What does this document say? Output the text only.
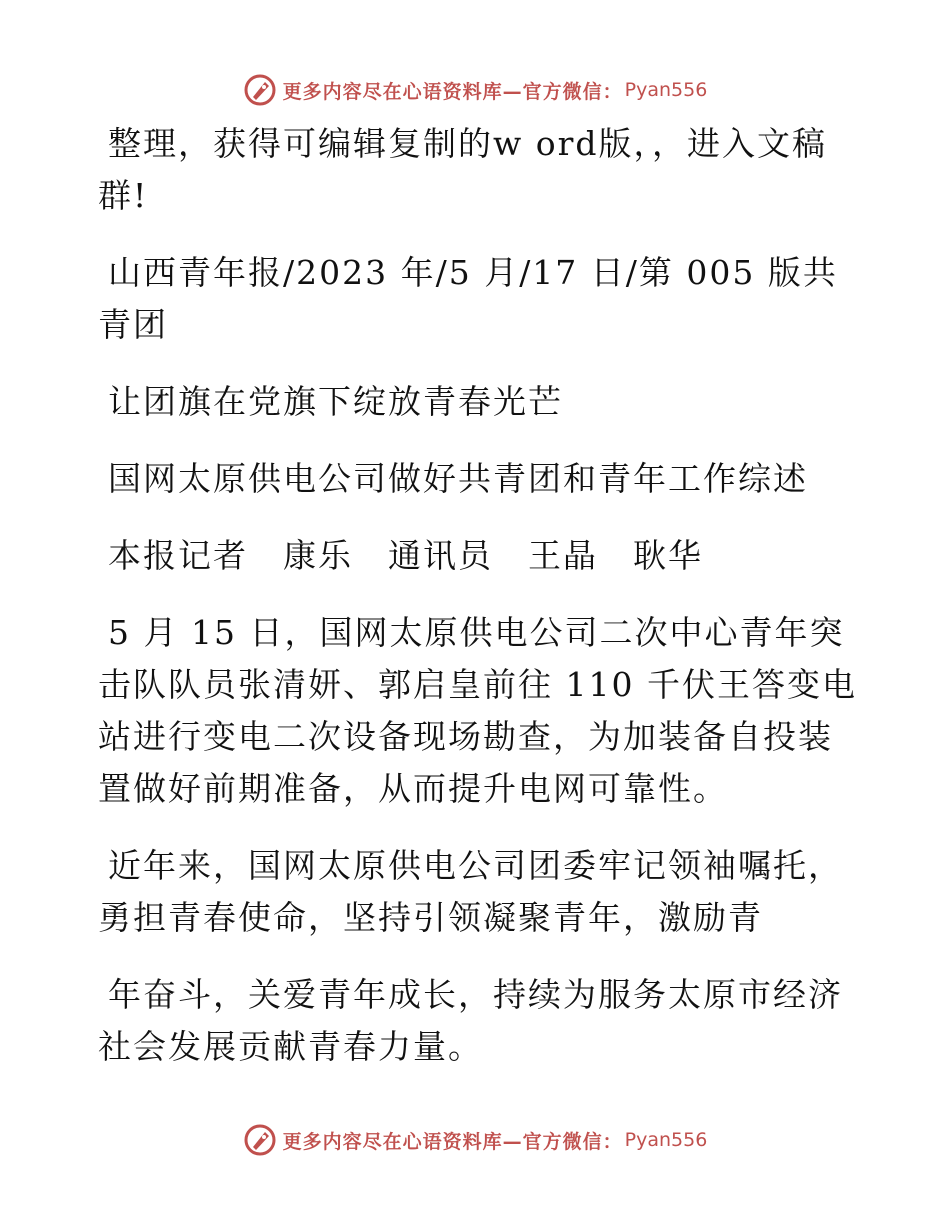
更多内容尽在心语资料库—官方微信： Pyan556

整理，获得可编辑复制的w ord版，，进入文稿群!

山西青年报/2023 年/5 月/17 日/第 005 版共青团

让团旗在党旗下绽放青春光芒

国网太原供电公司做好共青团和青年工作综述

本报记者　康乐　通讯员　王晶　耿华

5 月 15 日，国网太原供电公司二次中心青年突击队队员张清妍、郭启皇前往 110 千伏王答变电站进行变电二次设备现场勘查，为加装备自投装置做好前期准备，从而提升电网可靠性。

近年来，国网太原供电公司团委牢记领袖嘱托，勇担青春使命，坚持引领凝聚青年，激励青

年奋斗，关爱青年成长，持续为服务太原市经济社会发展贡献青春力量。

更多内容尽在心语资料库—官方微信： Pyan556
